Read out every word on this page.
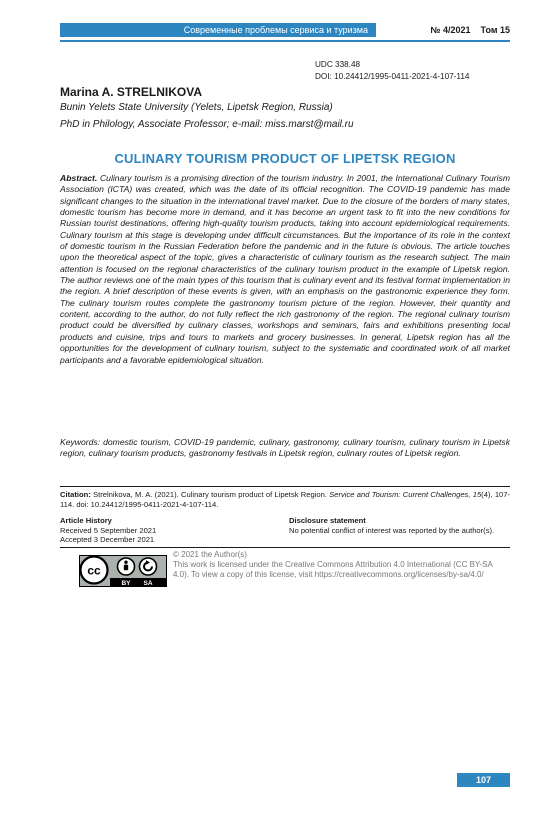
Современные проблемы сервиса и туризма	№ 4/2021 Том 15
UDC 338.48
DOI: 10.24412/1995-0411-2021-4-107-114
Marina A. STRELNIKOVA
Bunin Yelets State University (Yelets, Lipetsk Region, Russia)
PhD in Philology, Associate Professor; e-mail: miss.marst@mail.ru
CULINARY TOURISM PRODUCT OF LIPETSK REGION

Abstract. Culinary tourism is a promising direction of the tourism industry. In 2001, the International Culinary Tourism Association (ICTA) was created, which was the date of its official recognition. The COVID-19 pandemic has made significant changes to the situation in the international travel market. Due to the closure of the borders of many states, domestic tourism has become more in demand, and it has become an urgent task to fit into the new conditions for Russian tourist destinations, offering high-quality tourism products, taking into account epidemiological requirements. Culinary tourism at this stage is developing under difficult circumstances. But the importance of its role in the context of domestic tourism in the Russian Federation before the pandemic and in the future is obvious. The article touches upon the theoretical aspect of the topic, gives a characteristic of culinary tourism as the research subject. The main attention is focused on the regional characteristics of the culinary tourism product in the example of Lipetsk region. The author reviews one of the main types of this tourism that is culinary event and its festival format implementation in the region. A brief description of these events is given, with an emphasis on the gastronomic experience they form. The culinary tourism routes complete the gastronomy tourism picture of the region. However, their quantity and content, according to the author, do not fully reflect the rich gastronomy of the region. The regional culinary tourism product could be diversified by culinary classes, workshops and seminars, fairs and exhibitions presenting local products and cuisine, trips and tours to markets and grocery businesses. In general, Lipetsk region has all the opportunities for the development of culinary tourism, subject to the systematic and coordinated work of all market participants and a favorable epidemiological situation.

Keywords: domestic tourism, COVID-19 pandemic, culinary, gastronomy, culinary tourism, culinary tourism in Lipetsk region, culinary tourism products, gastronomy festivals in Lipetsk region, culinary routes of Lipetsk region.

Citation: Strelnikova, M. A. (2021). Culinary tourism product of Lipetsk Region. Service and Tourism: Current Challenges, 15(4), 107-114. doi: 10.24412/1995-0411-2021-4-107-114.

Article History
Received 5 September 2021
Accepted 3 December 2021
Disclosure statement
No potential conflict of interest was reported by the author(s).
cc
BY SA

© 2021 the Author(s)
This work is licensed under the Creative Commons Attribution 4.0 International (CC BY-SA 4.0). To view a copy of this license, visit https://creativecommons.org/licenses/by-sa/4.0/

107
